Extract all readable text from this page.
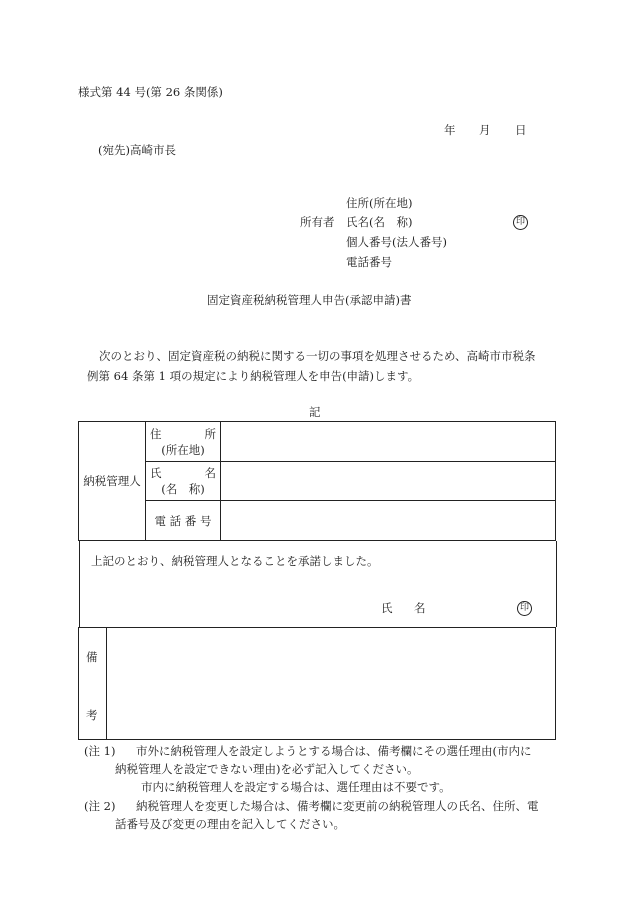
様式第 44 号(第 26 条関係)
年 月 日
(宛先)高崎市長
所有者
住所(所在地)
氏名(名　称)
個人番号(法人番号)
電話番号
印
固定資産税納税管理人申告(承認申請)書
次のとおり、固定資産税の納税に関する一切の事項を処理させるため、高崎市市税条
例第 64 条第 1 項の規定により納税管理人を申告(申請)します。
記
納税管理人	住 所
(所在地)	

	氏 名
(名　称)	

	電 話 番 号	
上記のとおり、納税管理人となることを承諾しました。
氏 名	印
備
考
(注 1) 市外に納税管理人を設定しようとする場合は、備考欄にその選任理由(市内に
納税管理人を設定できない理由)を必ず記入してください。
市内に納税管理人を設定する場合は、選任理由は不要です。
(注 2) 納税管理人を変更した場合は、備考欄に変更前の納税管理人の氏名、住所、電
話番号及び変更の理由を記入してください。
